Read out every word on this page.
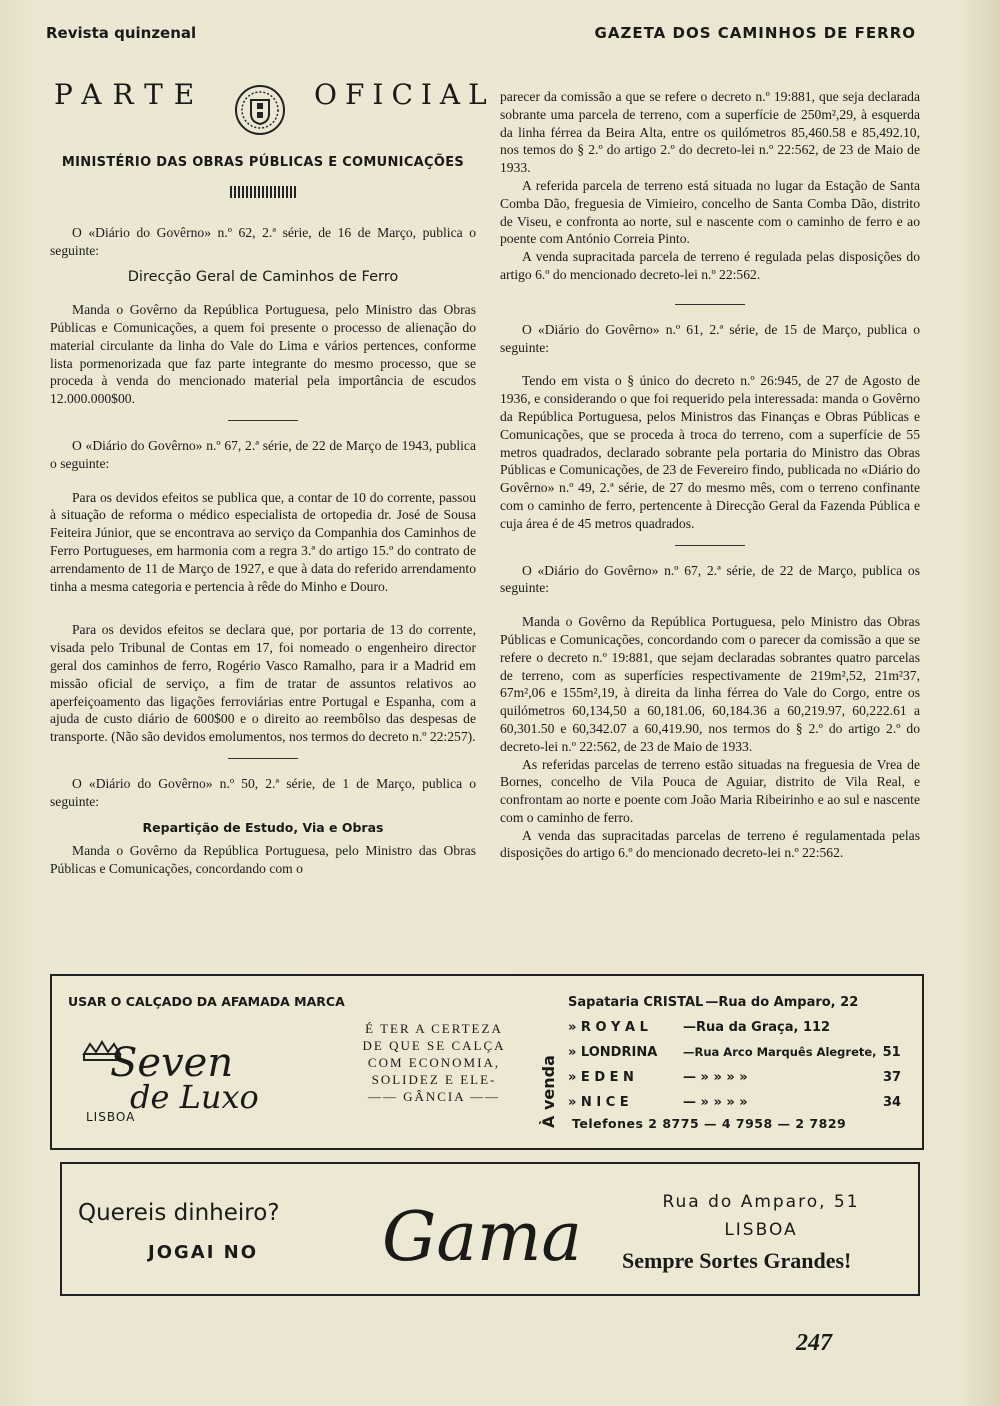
Revista quinzenal	GAZETA DOS CAMINHOS DE FERRO
PARTE	OFICIAL
MINISTÉRIO DAS OBRAS PÚBLICAS E COMUNICAÇÕES

O «Diário do Govêrno» n.º 62, 2.ª série, de 16 de Março, publica o seguinte:

Direcção Geral de Caminhos de Ferro

Manda o Govêrno da República Portuguesa, pelo Ministro das Obras Públicas e Comunicações, a quem foi presente o processo de alienação do material circulante da linha do Vale do Lima e vários pertences, conforme lista pormenorizada que faz parte integrante do mesmo processo, que se proceda à venda do mencionado material pela importância de escudos 12.000.000$00.

O «Diário do Govêrno» n.º 67, 2.ª série, de 22 de Março de 1943, publica o seguinte:

Para os devidos efeitos se publica que, a contar de 10 do corrente, passou à situação de reforma o médico especialista de ortopedia dr. José de Sousa Feiteira Júnior, que se encontrava ao serviço da Companhia dos Caminhos de Ferro Portugueses, em harmonia com a regra 3.ª do artigo 15.º do contrato de arrendamento de 11 de Março de 1927, e que à data do referido arrendamento tinha a mesma categoria e pertencia à rêde do Minho e Douro.

Para os devidos efeitos se declara que, por portaria de 13 do corrente, visada pelo Tribunal de Contas em 17, foi nomeado o engenheiro director geral dos caminhos de ferro, Rogério Vasco Ramalho, para ir a Madrid em missão oficial de serviço, a fim de tratar de assuntos relativos ao aperfeiçoamento das ligações ferroviárias entre Portugal e Espanha, com a ajuda de custo diário de 600$00 e o direito ao reembôlso das despesas de transporte. (Não são devidos emolumentos, nos termos do decreto n.º 22:257).

O «Diário do Govêrno» n.º 50, 2.ª série, de 1 de Março, publica o seguinte:

Repartição de Estudo, Via e Obras

Manda o Govêrno da República Portuguesa, pelo Ministro das Obras Públicas e Comunicações, concordando com o

parecer da comissão a que se refere o decreto n.º 19:881, que seja declarada sobrante uma parcela de terreno, com a superfície de 250m²,29, à esquerda da linha férrea da Beira Alta, entre os quilómetros 85,460.58 e 85,492.10, nos temos do § 2.º do artigo 2.º do decreto-lei n.º 22:562, de 23 de Maio de 1933.

A referida parcela de terreno está situada no lugar da Estação de Santa Comba Dão, freguesia de Vimieiro, concelho de Santa Comba Dão, distrito de Viseu, e confronta ao norte, sul e nascente com o caminho de ferro e ao poente com António Correia Pinto.

A venda supracitada parcela de terreno é regulada pelas disposições do artigo 6.º do mencionado decreto-lei n.º 22:562.

O «Diário do Govêrno» n.º 61, 2.ª série, de 15 de Março, publica o seguinte:

Tendo em vista o § único do decreto n.º 26:945, de 27 de Agosto de 1936, e considerando o que foi requerido pela interessada: manda o Govêrno da República Portuguesa, pelos Ministros das Finanças e Obras Públicas e Comunicações, que se proceda à troca do terreno, com a superfície de 55 metros quadrados, declarado sobrante pela portaria do Ministro das Obras Públicas e Comunicações, de 23 de Fevereiro findo, publicada no «Diário do Govêrno» n.º 49, 2.ª série, de 27 do mesmo mês, com o terreno confinante com o caminho de ferro, pertencente à Direcção Geral da Fazenda Pública e cuja área é de 45 metros quadrados.

O «Diário do Govêrno» n.º 67, 2.ª série, de 22 de Março, publica os seguinte:

Manda o Govêrno da República Portuguesa, pelo Ministro das Obras Públicas e Comunicações, concordando com o parecer da comissão a que se refere o decreto n.º 19:881, que sejam declaradas sobrantes quatro parcelas de terreno, com as superfícies respectivamente de 219m²,52, 21m²37, 67m²,06 e 155m²,19, à direita da linha férrea do Vale do Corgo, entre os quilómetros 60,134,50 a 60,181.06, 60,184.36 a 60,219.97, 60,222.61 a 60,301.50 e 60,342.07 a 60,419.90, nos termos do § 2.º do artigo 2.º do decreto-lei n.º 22:562, de 23 de Maio de 1933.

As referidas parcelas de terreno estão situadas na freguesia de Vrea de Bornes, concelho de Vila Pouca de Aguiar, distrito de Vila Real, e confrontam ao norte e poente com João Maria Ribeirinho e ao sul e nascente com o caminho de ferro.

A venda das supracitadas parcelas de terreno é regulamentada pelas disposições do artigo 6.º do mencionado decreto-lei n.º 22:562.

USAR O CALÇADO DA AFAMADA MARCA
Seven
de Luxo
LISBOA
É TER A CERTEZA
DE QUE SE CALÇA
COM ECONOMIA,
SOLIDEZ E ELE-
—— GÂNCIA ——	À venda
Sapataria CRISTAL —Rua do Amparo, 22
» R O Y A L	—Rua da Graça, 112
» LONDRINA	—Rua Arco Marquês Alegrete, 51
» E D E N	— » » » »	37
» N I C E	— » » » »	34
Telefones 2 8775 — 4 7958 — 2 7829
Quereis dinheiro?
JOGAI NO Gama	Rua do Amparo, 51
LISBOA
Sempre Sortes Grandes!
247
